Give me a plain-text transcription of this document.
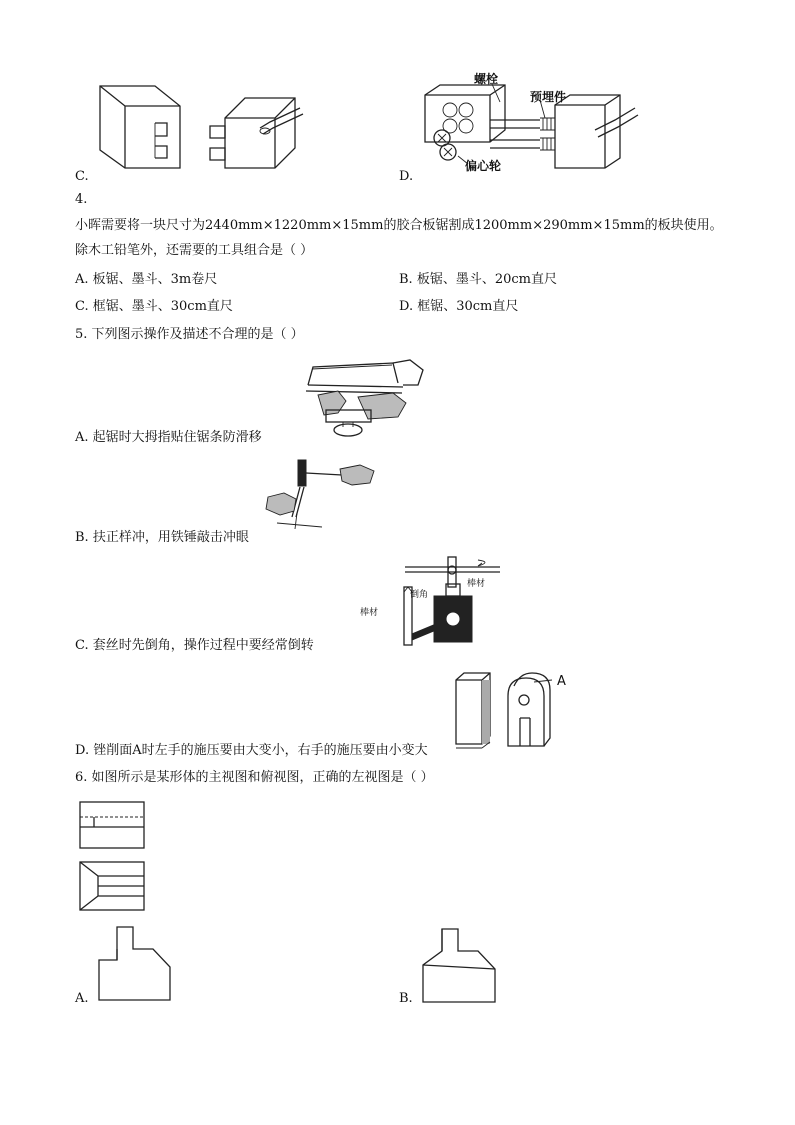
C.
螺栓
预埋件
偏心轮
D.
4.
小晖需要将一块尺寸为2440mm×1220mm×15mm的胶合板锯割成1200mm×290mm×15mm的板块使用。
除木工铅笔外，还需要的工具组合是（ ）
A. 板锯、墨斗、3m卷尺	B. 板锯、墨斗、20cm直尺
C. 框锯、墨斗、30cm直尺	D. 框锯、30cm直尺
5. 下列图示操作及描述不合理的是（ ）
A. 起锯时大拇指贴住锯条防滑移
B. 扶正样冲，用铁锤敲击冲眼
棒材
倒角
棒材
C. 套丝时先倒角，操作过程中要经常倒转
A
D. 锉削面A时左手的施压要由大变小，右手的施压要由小变大
6. 如图所示是某形体的主视图和俯视图，正确的左视图是（ ）
A.	B.
